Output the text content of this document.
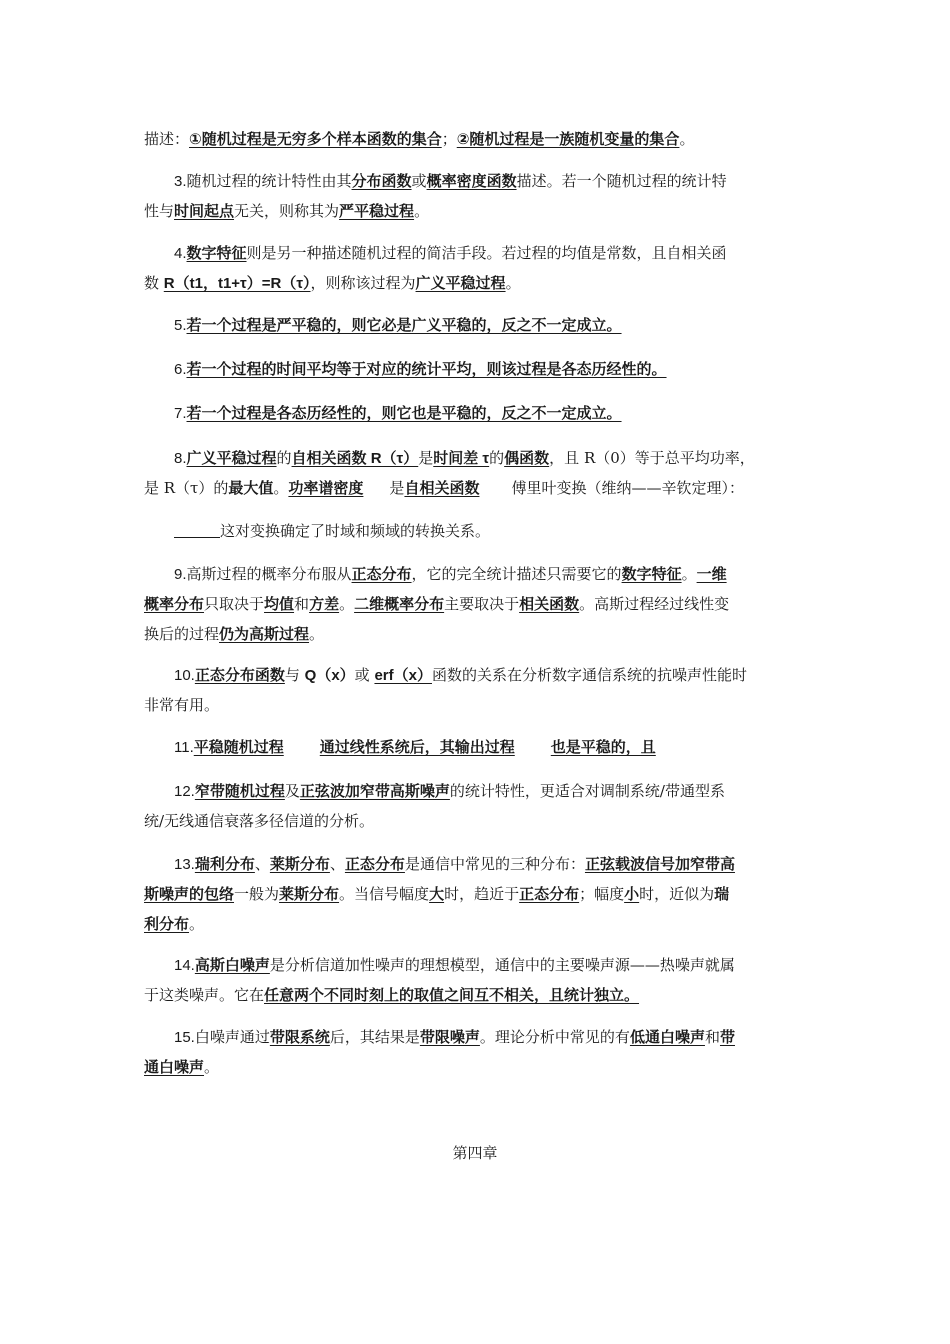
描述：①随机过程是无穷多个样本函数的集合；②随机过程是一族随机变量的集合。

3.随机过程的统计特性由其分布函数或概率密度函数描述。若一个随机过程的统计特
性与时间起点无关，则称其为严平稳过程。

4.数字特征则是另一种描述随机过程的简洁手段。若过程的均值是常数，且自相关函
数 R（t1，t1+τ）=R（τ），则称该过程为广义平稳过程。

5.若一个过程是严平稳的，则它必是广义平稳的，反之不一定成立。

6.若一个过程的时间平均等于对应的统计平均，则该过程是各态历经性的。

7.若一个过程是各态历经性的，则它也是平稳的，反之不一定成立。

8.广义平稳过程的自相关函数 R（τ）是时间差 τ的偶函数，且 R（0）等于总平均功率，
是 R（τ）的最大值。功率谱密度 是自相关函数 傅里叶变换（维纳——辛钦定理）：

这对变换确定了时域和频域的转换关系。

9.高斯过程的概率分布服从正态分布，它的完全统计描述只需要它的数字特征。一维
概率分布只取决于均值和方差。二维概率分布主要取决于相关函数。高斯过程经过线性变
换后的过程仍为高斯过程。

10.正态分布函数与 Q（x）或 erf（x）函数的关系在分析数字通信系统的抗噪声性能时
非常有用。

11.平稳随机过程 通过线性系统后，其输出过程 也是平稳的，且

12.窄带随机过程及正弦波加窄带高斯噪声的统计特性，更适合对调制系统/带通型系
统/无线通信衰落多径信道的分析。

13.瑞利分布、莱斯分布、正态分布是通信中常见的三种分布：正弦载波信号加窄带高
斯噪声的包络一般为莱斯分布。当信号幅度大时，趋近于正态分布；幅度小时，近似为瑞
利分布。

14.高斯白噪声是分析信道加性噪声的理想模型，通信中的主要噪声源——热噪声就属
于这类噪声。它在任意两个不同时刻上的取值之间互不相关，且统计独立。

15.白噪声通过带限系统后，其结果是带限噪声。理论分析中常见的有低通白噪声和带
通白噪声。

第四章
